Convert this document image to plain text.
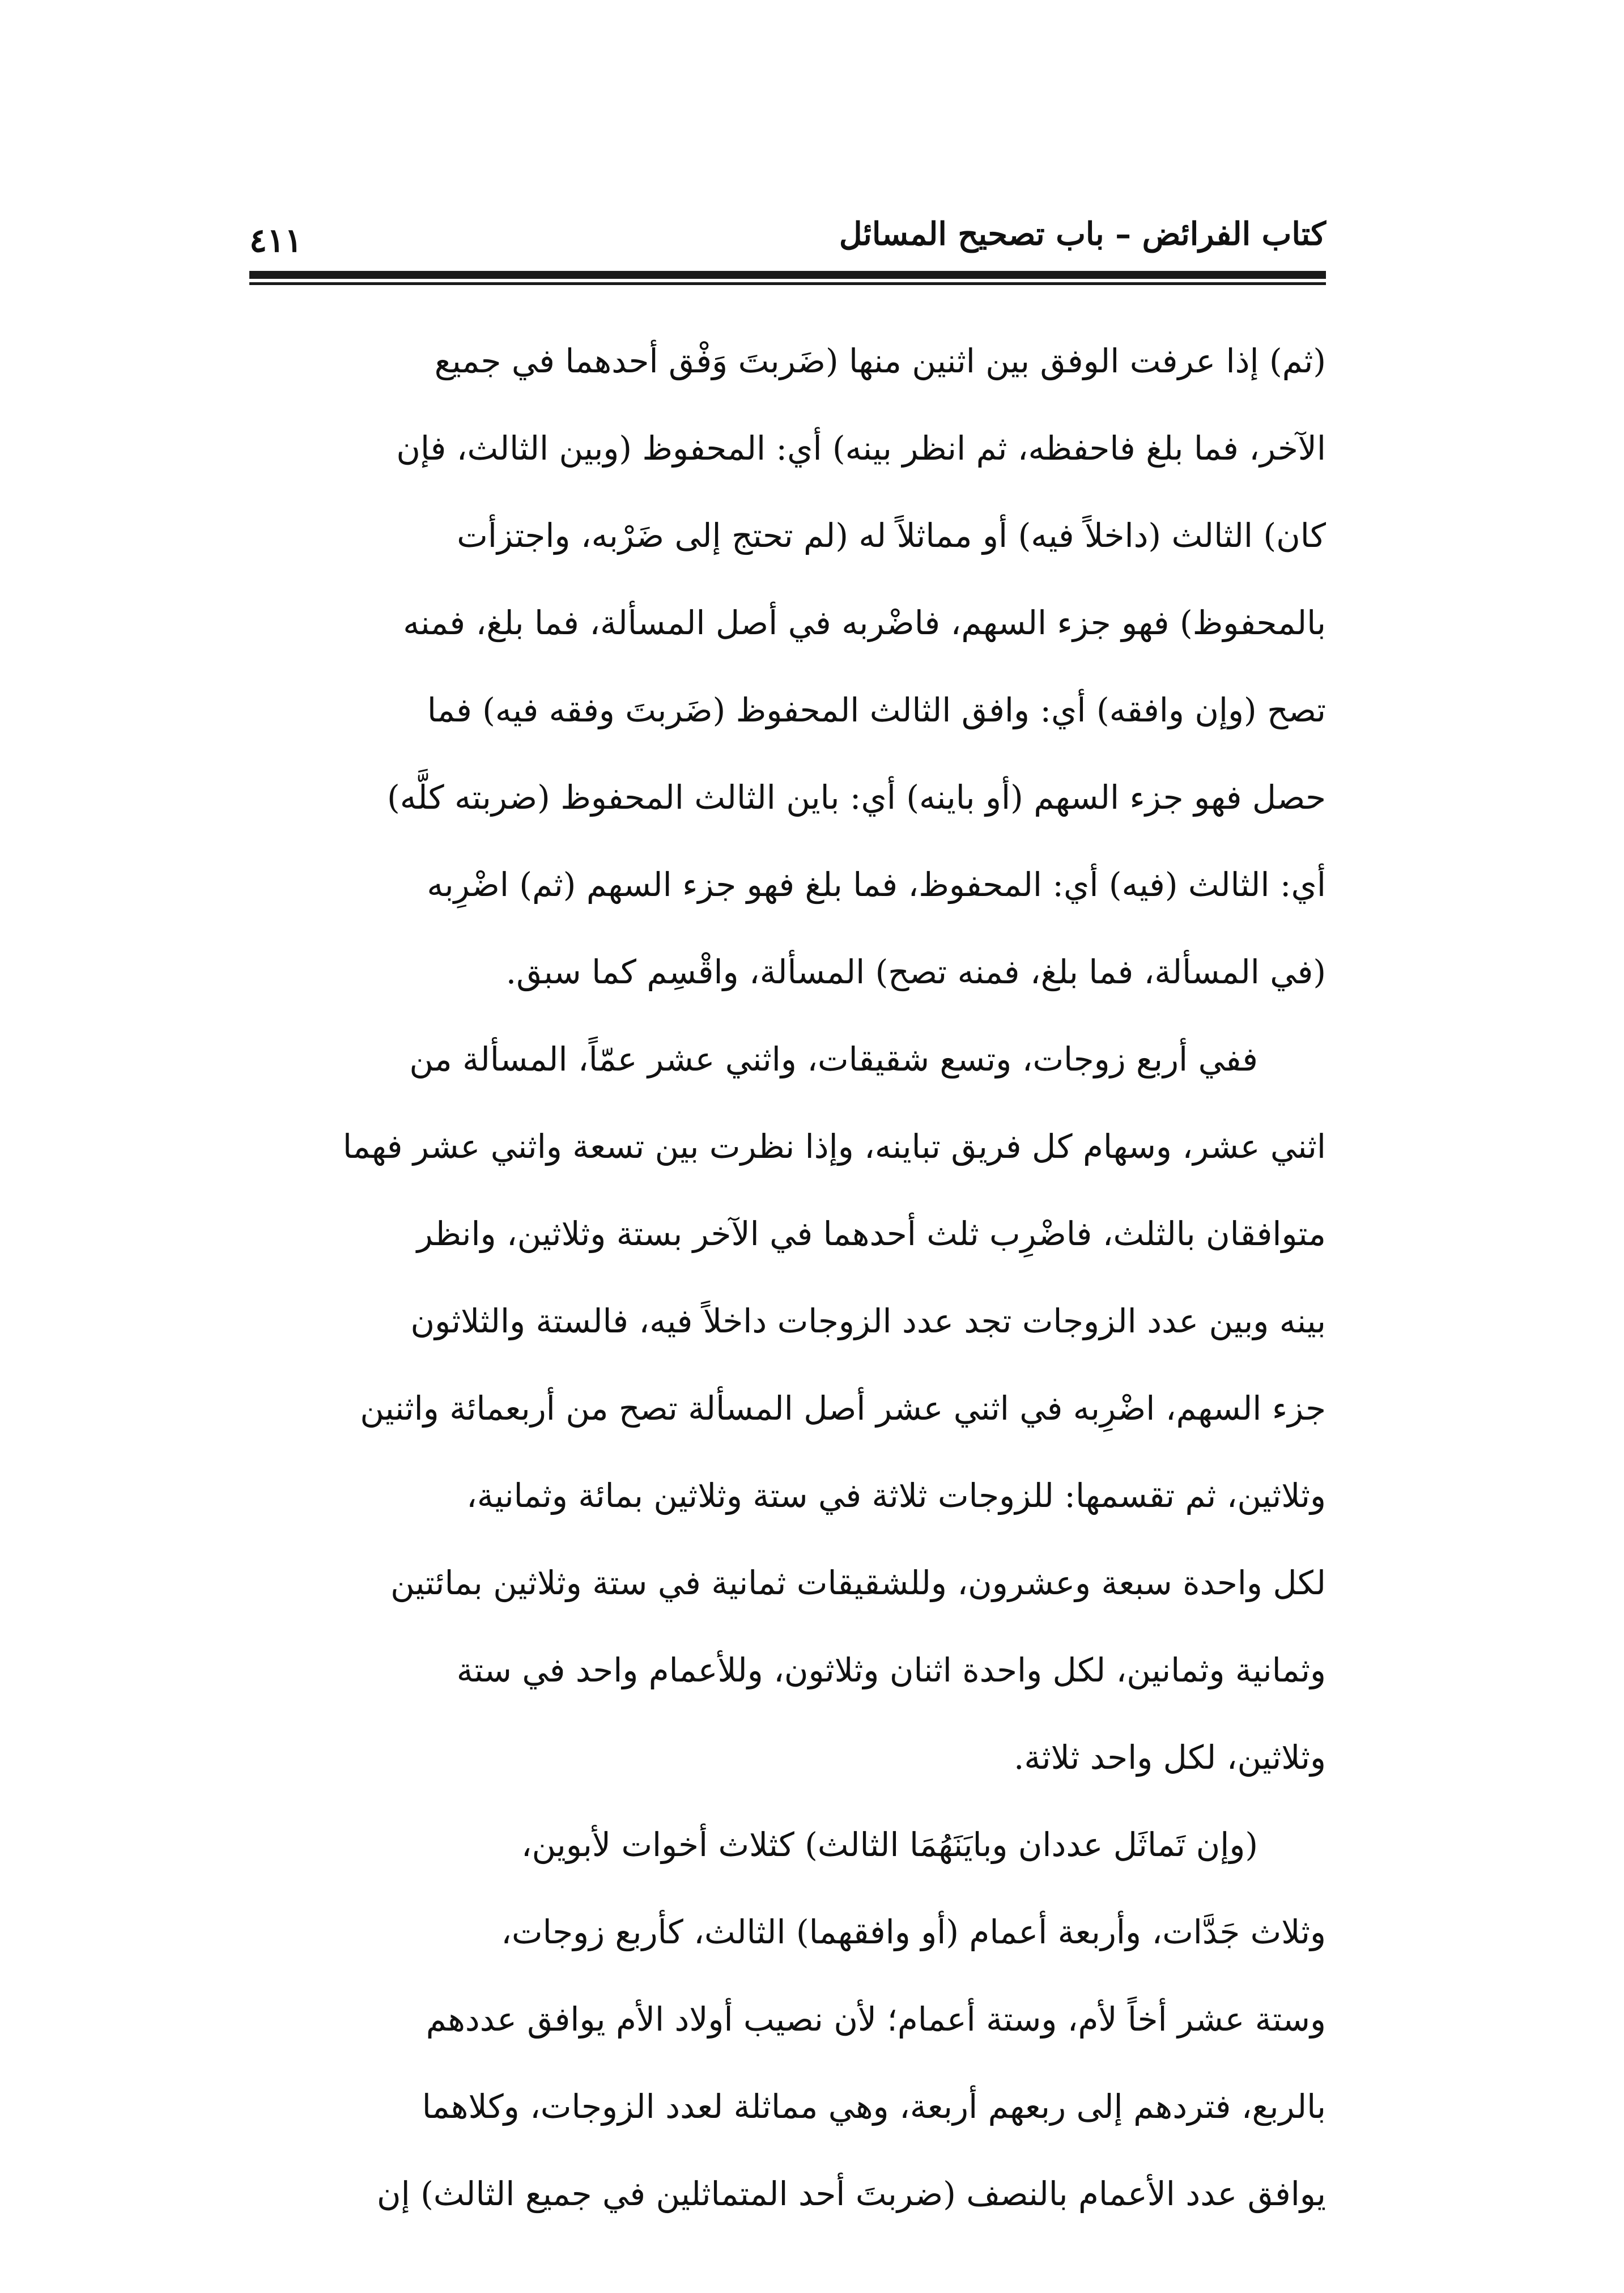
كتاب الفرائض – باب تصحيح المسائل
٤١١
(ثم) إذا عرفت الوفق بين اثنين منها (ضَربتَ وَفْق أحدهما في جميع
الآخر، فما بلغ فاحفظه، ثم انظر بينه) أي: المحفوظ (وبين الثالث، فإن
كان) الثالث (داخلاً فيه) أو مماثلاً له (لم تحتج إلى ضَرْبه، واجتزأت
بالمحفوظ) فهو جزء السهم، فاضْربه في أصل المسألة، فما بلغ، فمنه
تصح (وإن وافقه) أي: وافق الثالث المحفوظ (ضَربتَ وفقه فيه) فما
حصل فهو جزء السهم (أو باينه) أي: باين الثالث المحفوظ (ضربته كلَّه)
أي: الثالث (فيه) أي: المحفوظ، فما بلغ فهو جزء السهم (ثم) اضْرِبه
(في المسألة، فما بلغ، فمنه تصح) المسألة، واقْسِم كما سبق.
ففي أربع زوجات، وتسع شقيقات، واثني عشر عمّاً، المسألة من
اثني عشر، وسهام كل فريق تباينه، وإذا نظرت بين تسعة واثني عشر فهما
متوافقان بالثلث، فاضْرِب ثلث أحدهما في الآخر بستة وثلاثين، وانظر
بينه وبين عدد الزوجات تجد عدد الزوجات داخلاً فيه، فالستة والثلاثون
جزء السهم، اضْرِبه في اثني عشر أصل المسألة تصح من أربعمائة واثنين
وثلاثين، ثم تقسمها: للزوجات ثلاثة في ستة وثلاثين بمائة وثمانية،
لكل واحدة سبعة وعشرون، وللشقيقات ثمانية في ستة وثلاثين بمائتين
وثمانية وثمانين، لكل واحدة اثنان وثلاثون، وللأعمام واحد في ستة
وثلاثين، لكل واحد ثلاثة.
(وإن تَماثَل عددان وبايَنَهُمَا الثالث) كثلاث أخوات لأبوين،
وثلاث جَدَّات، وأربعة أعمام (أو وافقهما) الثالث، كأربع زوجات،
وستة عشر أخاً لأم، وستة أعمام؛ لأن نصيب أولاد الأم يوافق عددهم
بالربع، فتردهم إلى ربعهم أربعة، وهي مماثلة لعدد الزوجات، وكلاهما
يوافق عدد الأعمام بالنصف (ضربتَ أحد المتماثلين في جميع الثالث) إن
